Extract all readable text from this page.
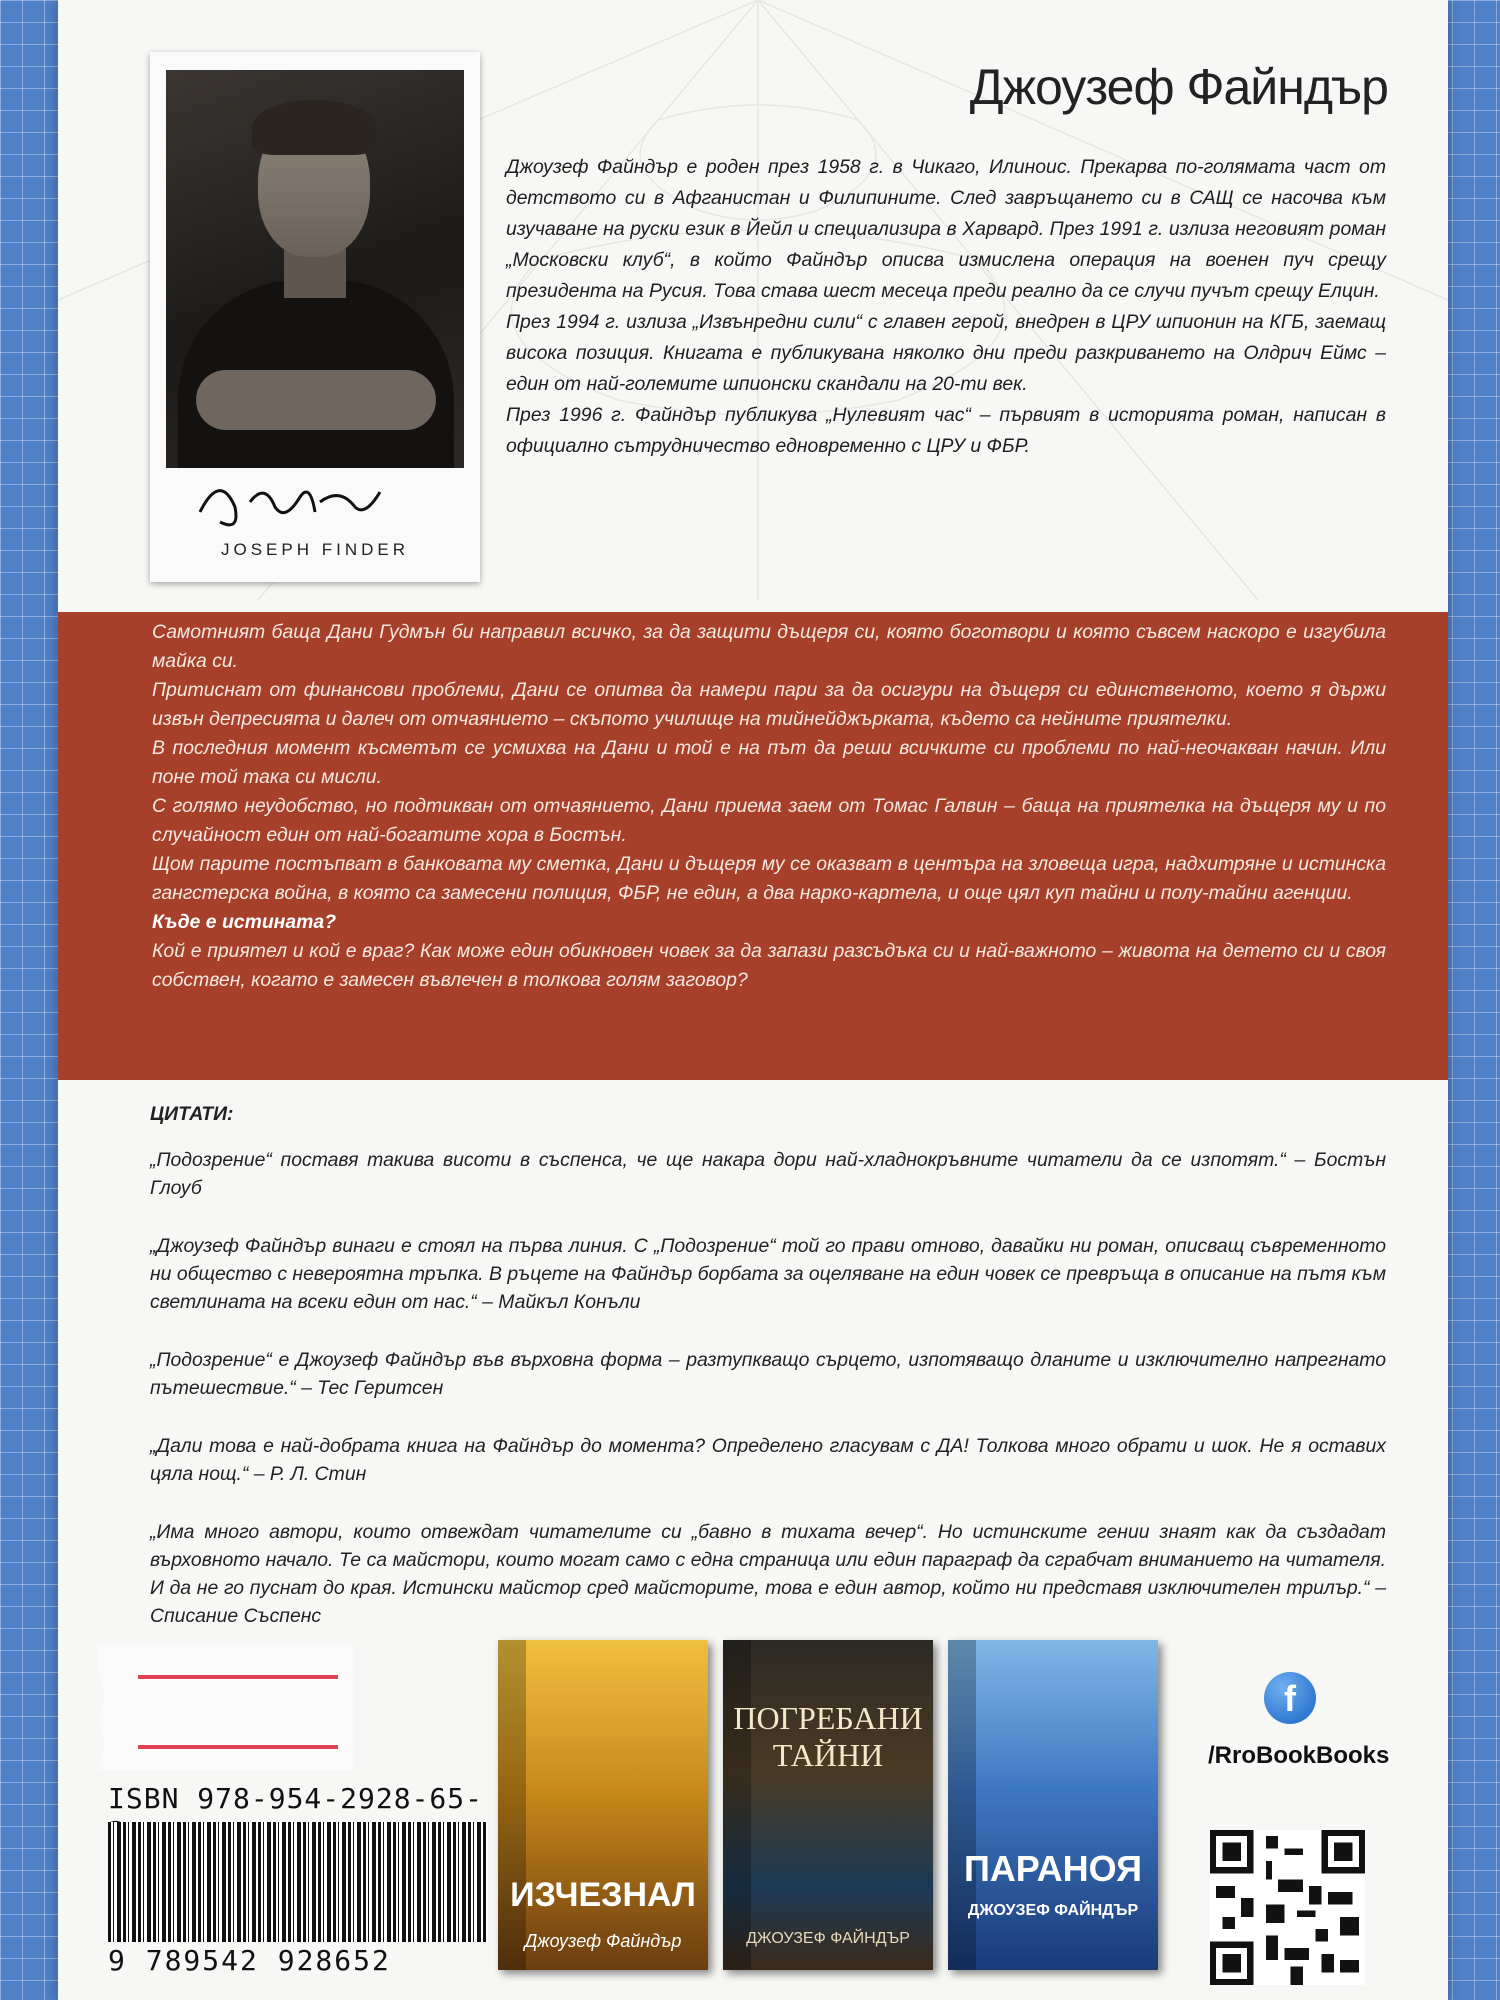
JOSEPH FINDER
Джоузеф Файндър

Джоузеф Файндър е роден през 1958 г. в Чикаго, Илиноис. Прекарва по-голямата част от детството си в Афганистан и Филипините. След завръщането си в САЩ се насочва към изучаване на руски език в Йейл и специализира в Харвард. През 1991 г. излиза неговият роман „Московски клуб“, в който Файндър описва измислена операция на военен пуч срещу президента на Русия. Това става шест месеца преди реално да се случи пучът срещу Елцин.

През 1994 г. излиза „Извънредни сили“ с главен герой, внедрен в ЦРУ шпионин на КГБ, заемащ висока позиция. Книгата е публикувана няколко дни преди разкриването на Олдрич Еймс – един от най-големите шпионски скандали на 20-ти век.

През 1996 г. Файндър публикува „Нулевият час“ – първият в историята роман, написан в официално сътрудничество едновременно с ЦРУ и ФБР.

Самотният баща Дани Гудмън би направил всичко, за да защити дъщеря си, която боготвори и която съвсем наскоро е изгубила майка си.

Притиснат от финансови проблеми, Дани се опитва да намери пари за да осигури на дъщеря си единственото, което я държи извън депресията и далеч от отчаянието – скъпото училище на тийнейджърката, където са нейните приятелки.

В последния момент късметът се усмихва на Дани и той е на път да реши всичките си проблеми по най-неочакван начин. Или поне той така си мисли.

С голямо неудобство, но подтикван от отчаянието, Дани приема заем от Томас Галвин – баща на приятелка на дъщеря му и по случайност един от най-богатите хора в Бостън.

Щом парите постъпват в банковата му сметка, Дани и дъщеря му се оказват в центъра на зловеща игра, надхитряне и истинска гангстерска война, в която са замесени полиция, ФБР, не един, а два нарко-картела, и още цял куп тайни и полу-тайни агенции.

Къде е истината?

Кой е приятел и кой е враг? Как може един обикновен човек за да запази разсъдъка си и най-важното – живота на детето си и своя собствен, когато е замесен въвлечен в толкова голям заговор?

ЦИТАТИ:

„Подозрение“ поставя такива висоти в съспенса, че ще накара дори най-хладнокръвните читатели да се изпотят.“ – Бостън Глоуб

„Джоузеф Файндър винаги е стоял на първа линия. С „Подозрение“ той го прави отново, давайки ни роман, описващ съвременното ни общество с невероятна тръпка. В ръцете на Файндър борбата за оцеляване на един човек се превръща в описание на пътя към светлината на всеки един от нас.“ – Майкъл Конъли

„Подозрение“ е Джоузеф Файндър във върховна форма – разтупкващо сърцето, изпотяващо дланите и изключително напрегнато пътешествие.“ – Тес Геритсен

„Дали това е най-добрата книга на Файндър до момента? Определено гласувам с ДА! Толкова много обрати и шок. Не я оставих цяла нощ.“ – Р. Л. Стин

„Има много автори, които отвеждат читателите си „бавно в тихата вечер“. Но истинските гении знаят как да създадат върховното начало. Те са майстори, които могат само с една страница или един параграф да сграбчат вниманието на читателя. И да не го пуснат до края. Истински майстор сред майсторите, това е един автор, който ни представя изключителен трилър.“ – Списание Съспенс

ISBN 978-954-2928-65-
9 789542 928652
ИЗЧЕЗНАЛ
Джоузеф Файндър
ПОГРЕБАНИ ТАЙНИ
ДЖОУЗЕФ ФАЙНДЪР
ПАРАНОЯ
ДЖОУЗЕФ ФАЙНДЪР
f
/RroBookBooks
